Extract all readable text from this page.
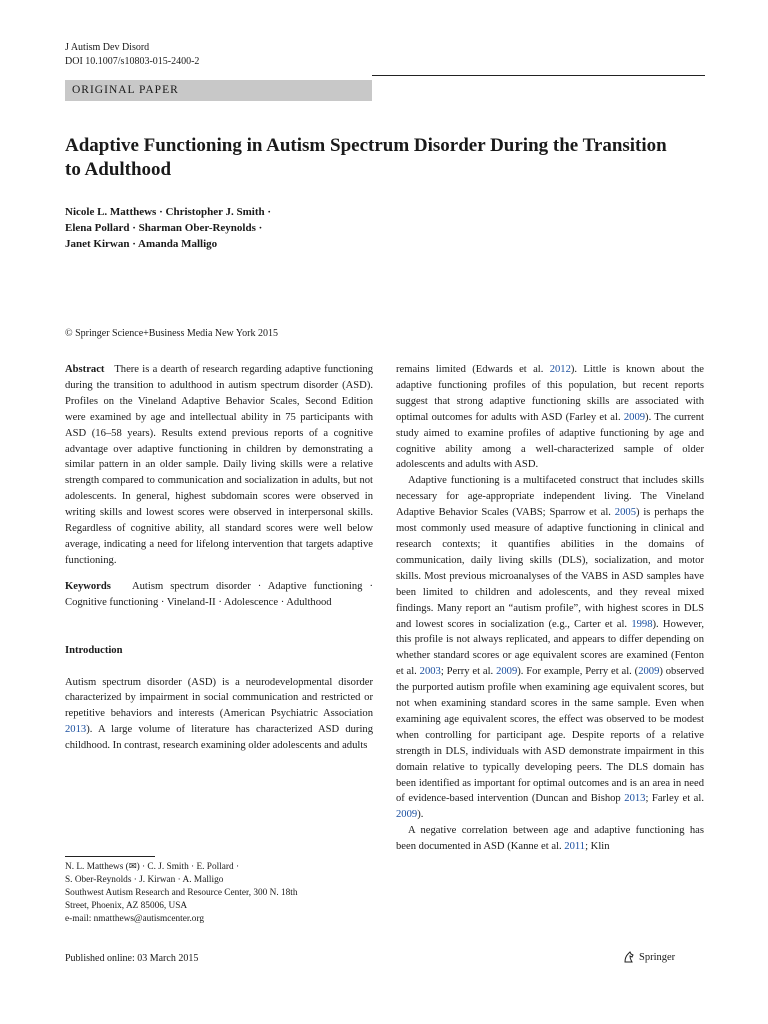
J Autism Dev Disord
DOI 10.1007/s10803-015-2400-2
ORIGINAL PAPER
Adaptive Functioning in Autism Spectrum Disorder During the Transition to Adulthood
Nicole L. Matthews · Christopher J. Smith ·
Elena Pollard · Sharman Ober-Reynolds ·
Janet Kirwan · Amanda Malligo
© Springer Science+Business Media New York 2015

Abstract There is a dearth of research regarding adaptive functioning during the transition to adulthood in autism spectrum disorder (ASD). Profiles on the Vineland Adaptive Behavior Scales, Second Edition were examined by age and intellectual ability in 75 participants with ASD (16–58 years). Results extend previous reports of a cognitive advantage over adaptive functioning in children by demonstrating a similar pattern in an older sample. Daily living skills were a relative strength compared to communication and socialization in adults, but not adolescents. In general, highest subdomain scores were observed in writing skills and lowest scores were observed in interpersonal skills. Regardless of cognitive ability, all standard scores were well below average, indicating a need for lifelong intervention that targets adaptive functioning.

Keywords Autism spectrum disorder · Adaptive functioning · Cognitive functioning · Vineland-II · Adolescence · Adulthood

Introduction

Autism spectrum disorder (ASD) is a neurodevelopmental disorder characterized by impairment in social communication and restricted or repetitive behaviors and interests (American Psychiatric Association 2013). A large volume of literature has characterized ASD during childhood. In contrast, research examining older adolescents and adults

remains limited (Edwards et al. 2012). Little is known about the adaptive functioning profiles of this population, but recent reports suggest that strong adaptive functioning skills are associated with optimal outcomes for adults with ASD (Farley et al. 2009). The current study aimed to examine profiles of adaptive functioning by age and cognitive ability among a well-characterized sample of older adolescents and adults with ASD.

Adaptive functioning is a multifaceted construct that includes skills necessary for age-appropriate independent living. The Vineland Adaptive Behavior Scales (VABS; Sparrow et al. 2005) is perhaps the most commonly used measure of adaptive functioning in clinical and research contexts; it quantifies abilities in the domains of communication, daily living skills (DLS), socialization, and motor skills. Most previous microanalyses of the VABS in ASD samples have been limited to children and adolescents, and they reveal mixed findings. Many report an “autism profile”, with highest scores in DLS and lowest scores in socialization (e.g., Carter et al. 1998). However, this profile is not always replicated, and appears to differ depending on whether standard scores or age equivalent scores are examined (Fenton et al. 2003; Perry et al. 2009). For example, Perry et al. (2009) observed the purported autism profile when examining age equivalent scores, but not when examining standard scores in the same sample. Even when examining age equivalent scores, the effect was observed to be modest when controlling for participant age. Despite reports of a relative strength in DLS, individuals with ASD demonstrate impairment in this domain relative to typically developing peers. The DLS domain has been identified as important for optimal outcomes and is an area in need of evidence-based intervention (Duncan and Bishop 2013; Farley et al. 2009).

A negative correlation between age and adaptive functioning has been documented in ASD (Kanne et al. 2011; Klin

N. L. Matthews (✉) · C. J. Smith · E. Pollard ·
S. Ober-Reynolds · J. Kirwan · A. Malligo
Southwest Autism Research and Resource Center, 300 N. 18th
Street, Phoenix, AZ 85006, USA
e-mail: nmatthews@autismcenter.org
Published online: 03 March 2015	Springer
